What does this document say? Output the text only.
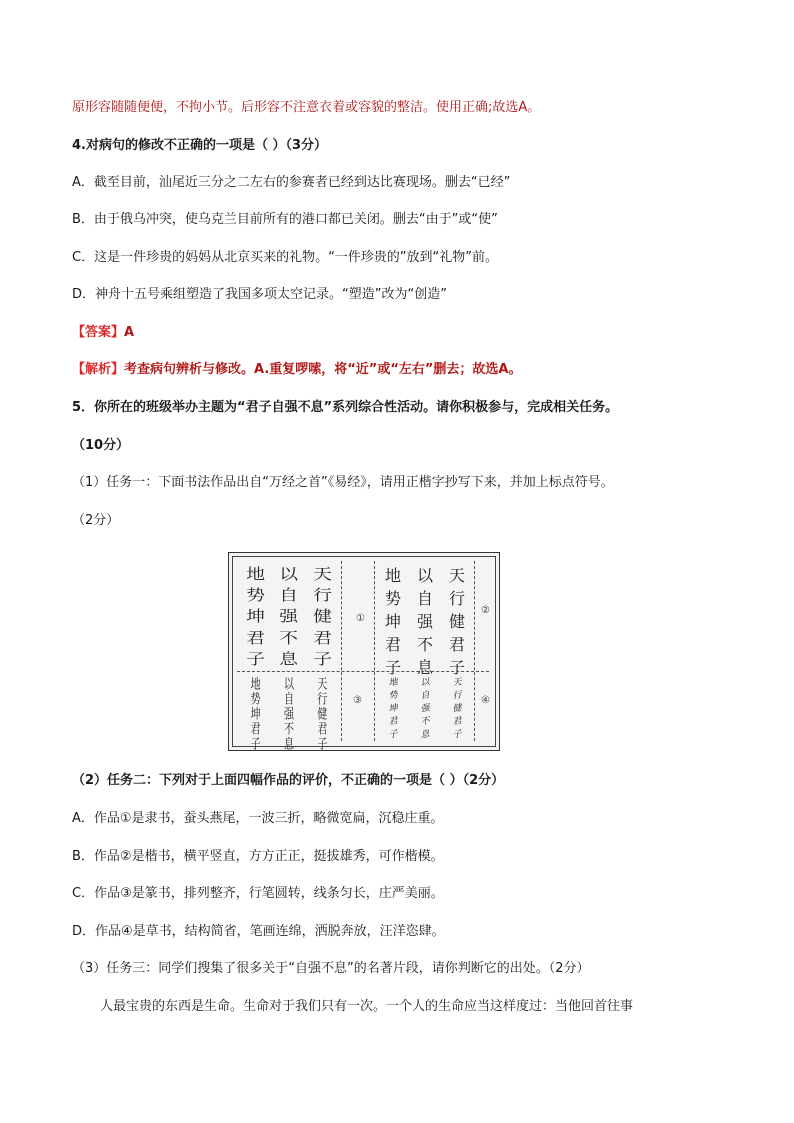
原形容随随便便，不拘小节。后形容不注意衣着或容貌的整洁。使用正确;故选A。
4.对病句的修改不正确的一项是（ ）（3分）
A．截至目前，汕尾近三分之二左右的参赛者已经到达比赛现场。删去“已经”
B．由于俄乌冲突，使乌克兰目前所有的港口都已关闭。删去“由于”或“使”
C．这是一件珍贵的妈妈从北京买来的礼物。“一件珍贵的”放到“礼物”前。
D．神舟十五号乘组塑造了我国多项太空记录。“塑造”改为“创造”
【答案】A
【解析】考查病句辨析与修改。A.重复啰嗦，将“近”或“左右”删去；故选A。
5．你所在的班级举办主题为“君子自强不息”系列综合性活动。请你积极参与，完成相关任务。
（10分）
（1）任务一：下面书法作品出自“万经之首”《易经》，请用正楷字抄写下来，并加上标点符号。
（2分）
地 以 天
势 自 行
坤 强 健
君 不 君
子 息 子
①
地 以 天
势 自 行
坤 强 健
君 不 君
子 息 子
②
地	以	天
势	自	行
坤	强	健
君	不	君
子	息	子
③
地	以	天
势	自	行
坤	强	健
君	不	君
子	息	子
④
（2）任务二：下列对于上面四幅作品的评价，不正确的一项是（ ）（2分）
A．作品①是隶书，蚕头燕尾，一波三折，略微宽扁，沉稳庄重。
B．作品②是楷书，横平竖直，方方正正，挺拔雄秀，可作楷模。
C．作品③是篆书，排列整齐，行笔圆转，线条匀长，庄严美丽。
D．作品④是草书，结构简省，笔画连绵，洒脱奔放，汪洋恣肆。
（3）任务三：同学们搜集了很多关于“自强不息”的名著片段，请你判断它的出处。（2分）
人最宝贵的东西是生命。生命对于我们只有一次。一个人的生命应当这样度过：当他回首往事
